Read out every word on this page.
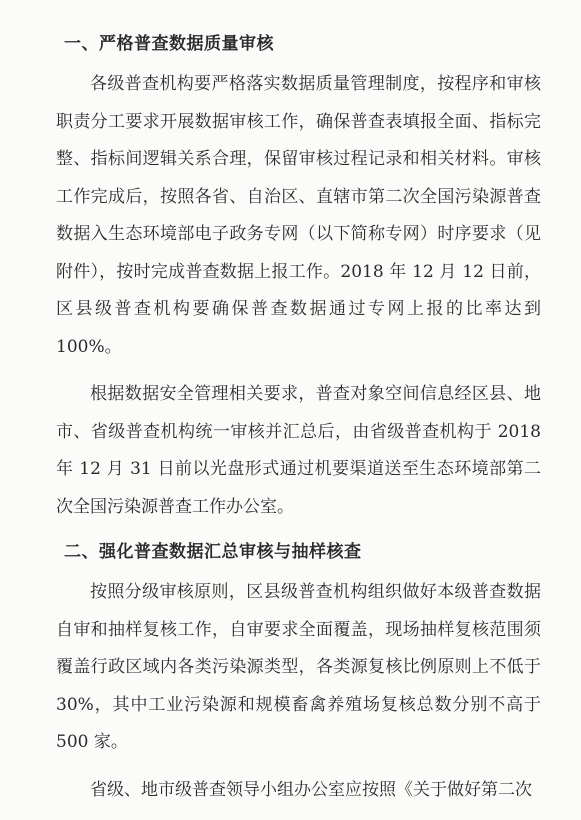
一、严格普查数据质量审核

各级普查机构要严格落实数据质量管理制度，按程序和审核职责分工要求开展数据审核工作，确保普查表填报全面、指标完整、指标间逻辑关系合理，保留审核过程记录和相关材料。审核工作完成后，按照各省、自治区、直辖市第二次全国污染源普查数据入生态环境部电子政务专网（以下简称专网）时序要求（见附件），按时完成普查数据上报工作。2018 年 12 月 12 日前，区县级普查机构要确保普查数据通过专网上报的比率达到 100%。

根据数据安全管理相关要求，普查对象空间信息经区县、地市、省级普查机构统一审核并汇总后，由省级普查机构于 2018 年 12 月 31 日前以光盘形式通过机要渠道送至生态环境部第二次全国污染源普查工作办公室。

二、强化普查数据汇总审核与抽样核查

按照分级审核原则，区县级普查机构组织做好本级普查数据自审和抽样复核工作，自审要求全面覆盖，现场抽样复核范围须覆盖行政区域内各类污染源类型，各类源复核比例原则上不低于 30%，其中工业污染源和规模畜禽养殖场复核总数分别不高于 500 家。

省级、地市级普查领导小组办公室应按照《关于做好第二次
